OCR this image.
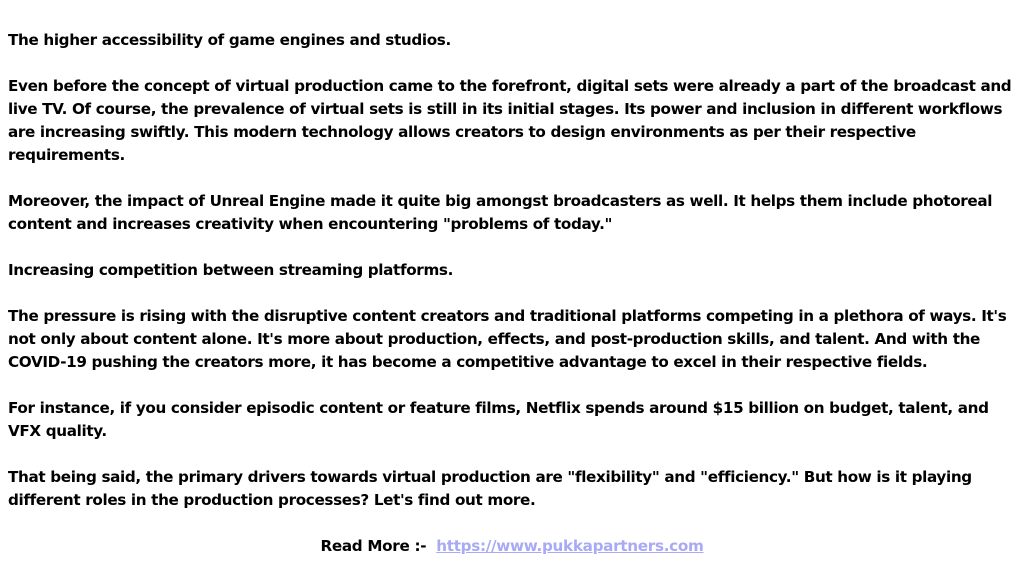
The higher accessibility of game engines and studios.

Even before the concept of virtual production came to the forefront, digital sets were already a part of the broadcast and live TV. Of course, the prevalence of virtual sets is still in its initial stages. Its power and inclusion in different workflows are increasing swiftly. This modern technology allows creators to design environments as per their respective requirements.

Moreover, the impact of Unreal Engine made it quite big amongst broadcasters as well. It helps them include photoreal content and increases creativity when encountering "problems of today."

Increasing competition between streaming platforms.

The pressure is rising with the disruptive content creators and traditional platforms competing in a plethora of ways. It's not only about content alone. It's more about production, effects, and post-production skills, and talent. And with the COVID-19 pushing the creators more, it has become a competitive advantage to excel in their respective fields.

For instance, if you consider episodic content or feature films, Netflix spends around $15 billion on budget, talent, and VFX quality.

That being said, the primary drivers towards virtual production are "flexibility" and "efficiency." But how is it playing different roles in the production processes? Let's find out more.

Read More :- https://www.pukkapartners.com
